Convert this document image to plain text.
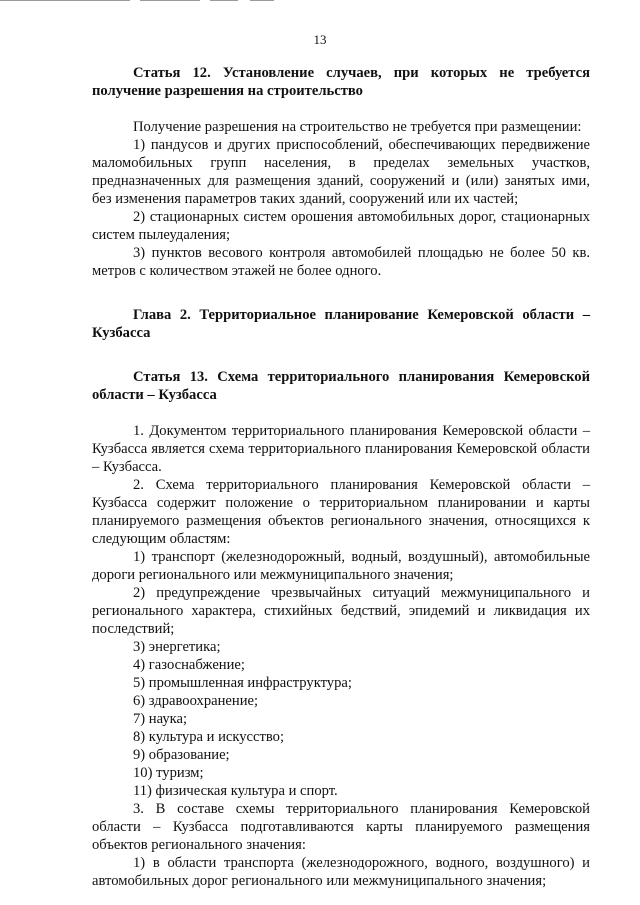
13

Статья 12. Установление случаев, при которых не требуется получение разрешения на строительство

Получение разрешения на строительство не требуется при размещении:

1) пандусов и других приспособлений, обеспечивающих передвижение маломобильных групп населения, в пределах земельных участков, предназначенных для размещения зданий, сооружений и (или) занятых ими, без изменения параметров таких зданий, сооружений или их частей;

2) стационарных систем орошения автомобильных дорог, стационарных систем пылеудаления;

3) пунктов весового контроля автомобилей площадью не более 50 кв. метров с количеством этажей не более одного.

Глава 2. Территориальное планирование Кемеровской области – Кузбасса

Статья 13. Схема территориального планирования Кемеровской области – Кузбасса

1. Документом территориального планирования Кемеровской области – Кузбасса является схема территориального планирования Кемеровской области – Кузбасса.

2. Схема территориального планирования Кемеровской области – Кузбасса содержит положение о территориальном планировании и карты планируемого размещения объектов регионального значения, относящихся к следующим областям:

1) транспорт (железнодорожный, водный, воздушный), автомобильные дороги регионального или межмуниципального значения;

2) предупреждение чрезвычайных ситуаций межмуниципального и регионального характера, стихийных бедствий, эпидемий и ликвидация их последствий;

3) энергетика;

4) газоснабжение;

5) промышленная инфраструктура;

6) здравоохранение;

7) наука;

8) культура и искусство;

9) образование;

10) туризм;

11) физическая культура и спорт.

3. В составе схемы территориального планирования Кемеровской области – Кузбасса подготавливаются карты планируемого размещения объектов регионального значения:

1) в области транспорта (железнодорожного, водного, воздушного) и автомобильных дорог регионального или межмуниципального значения;
